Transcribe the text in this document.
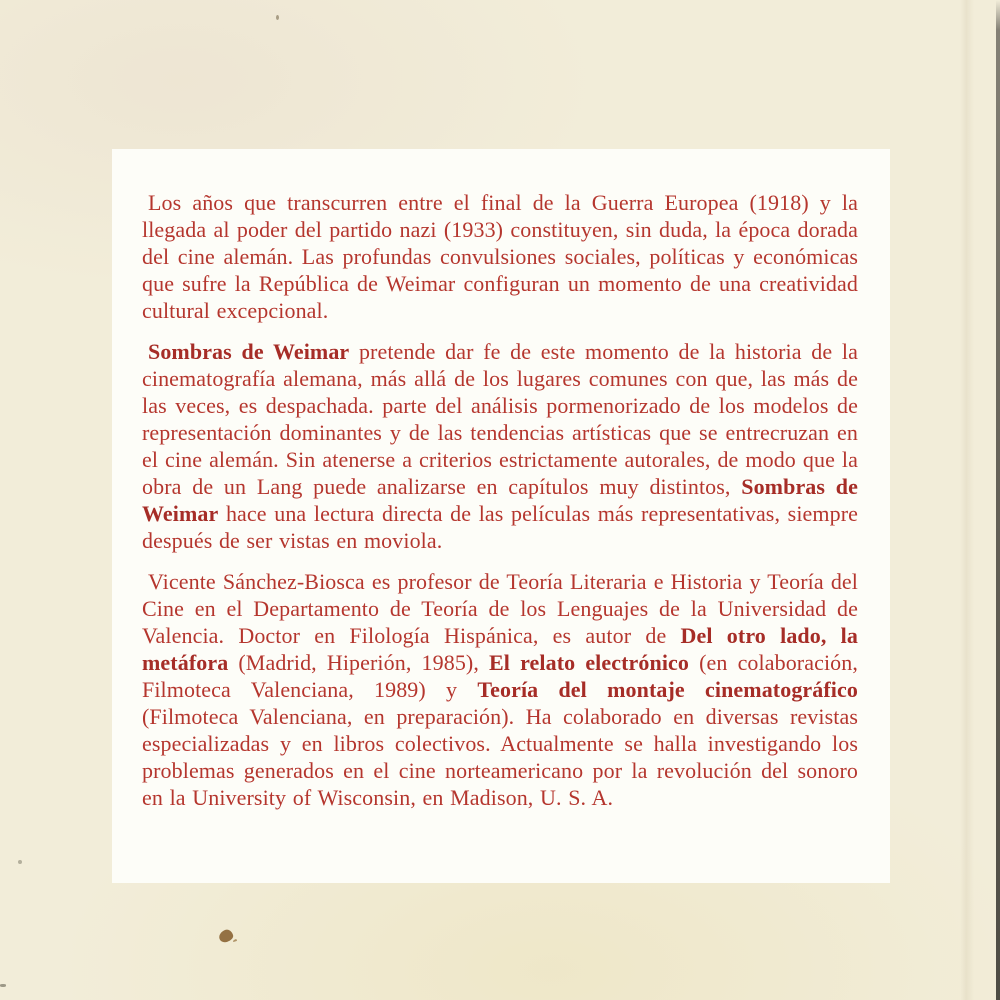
Los años que transcurren entre el final de la Guerra Europea (1918) y la llegada al poder del partido nazi (1933) constituyen, sin duda, la época dorada del cine alemán. Las profundas convulsiones sociales, políticas y económicas que sufre la República de Weimar configuran un momento de una creatividad cultural excepcional.

Sombras de Weimar pretende dar fe de este momento de la historia de la cinematografía alemana, más allá de los lugares comunes con que, las más de las veces, es despachada. parte del análisis pormenorizado de los modelos de representación dominantes y de las tendencias artísticas que se entrecruzan en el cine alemán. Sin atenerse a criterios estrictamente autorales, de modo que la obra de un Lang puede analizarse en capítulos muy distintos, Sombras de Weimar hace una lectura directa de las películas más representativas, siempre después de ser vistas en moviola.

Vicente Sánchez-Biosca es profesor de Teoría Literaria e Historia y Teoría del Cine en el Departamento de Teoría de los Lenguajes de la Universidad de Valencia. Doctor en Filología Hispánica, es autor de Del otro lado, la metáfora (Madrid, Hiperión, 1985), El relato electrónico (en colaboración, Filmoteca Valenciana, 1989) y Teoría del montaje cinematográfico (Filmoteca Valenciana, en preparación). Ha colaborado en diversas revistas especializadas y en libros colectivos. Actualmente se halla investigando los problemas generados en el cine norteamericano por la revolución del sonoro en la University of Wisconsin, en Madison, U. S. A.
